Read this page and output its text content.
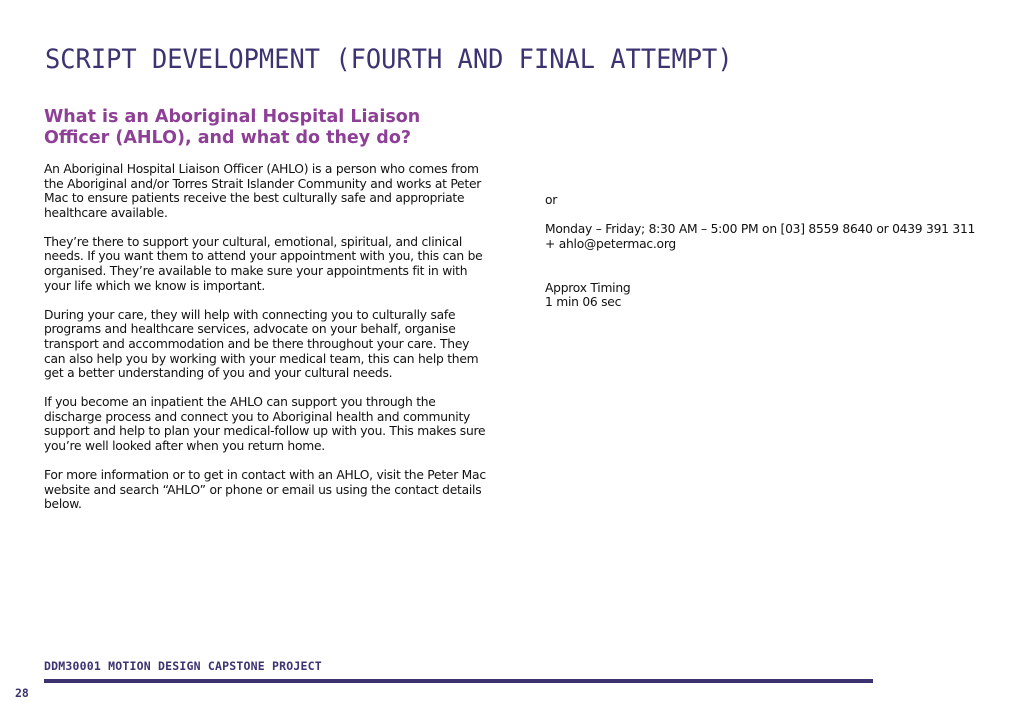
SCRIPT DEVELOPMENT (FOURTH AND FINAL ATTEMPT)
What is an Aboriginal Hospital Liaison Officer (AHLO), and what do they do?

An Aboriginal Hospital Liaison Officer (AHLO) is a person who comes from the Aboriginal and/or Torres Strait Islander Community and works at Peter Mac to ensure patients receive the best culturally safe and appropriate healthcare available.

They’re there to support your cultural, emotional, spiritual, and clinical needs. If you want them to attend your appointment with you, this can be organised. They’re available to make sure your appointments fit in with your life which we know is important.

During your care, they will help with connecting you to culturally safe programs and healthcare services, advocate on your behalf, organise transport and accommodation and be there throughout your care. They can also help you by working with your medical team, this can help them get a better understanding of you and your cultural needs.

If you become an inpatient the AHLO can support you through the discharge process and connect you to Aboriginal health and community support and help to plan your medical-follow up with you. This makes sure you’re well looked after when you return home.

For more information or to get in contact with an AHLO, visit the Peter Mac website and search “AHLO” or phone or email us using the contact details below.

or

Monday – Friday; 8:30 AM – 5:00 PM on [03] 8559 8640 or 0439 391 311 + ahlo@petermac.org

Approx Timing

1 min 06 sec

DDM30001 MOTION DESIGN CAPSTONE PROJECT
28
